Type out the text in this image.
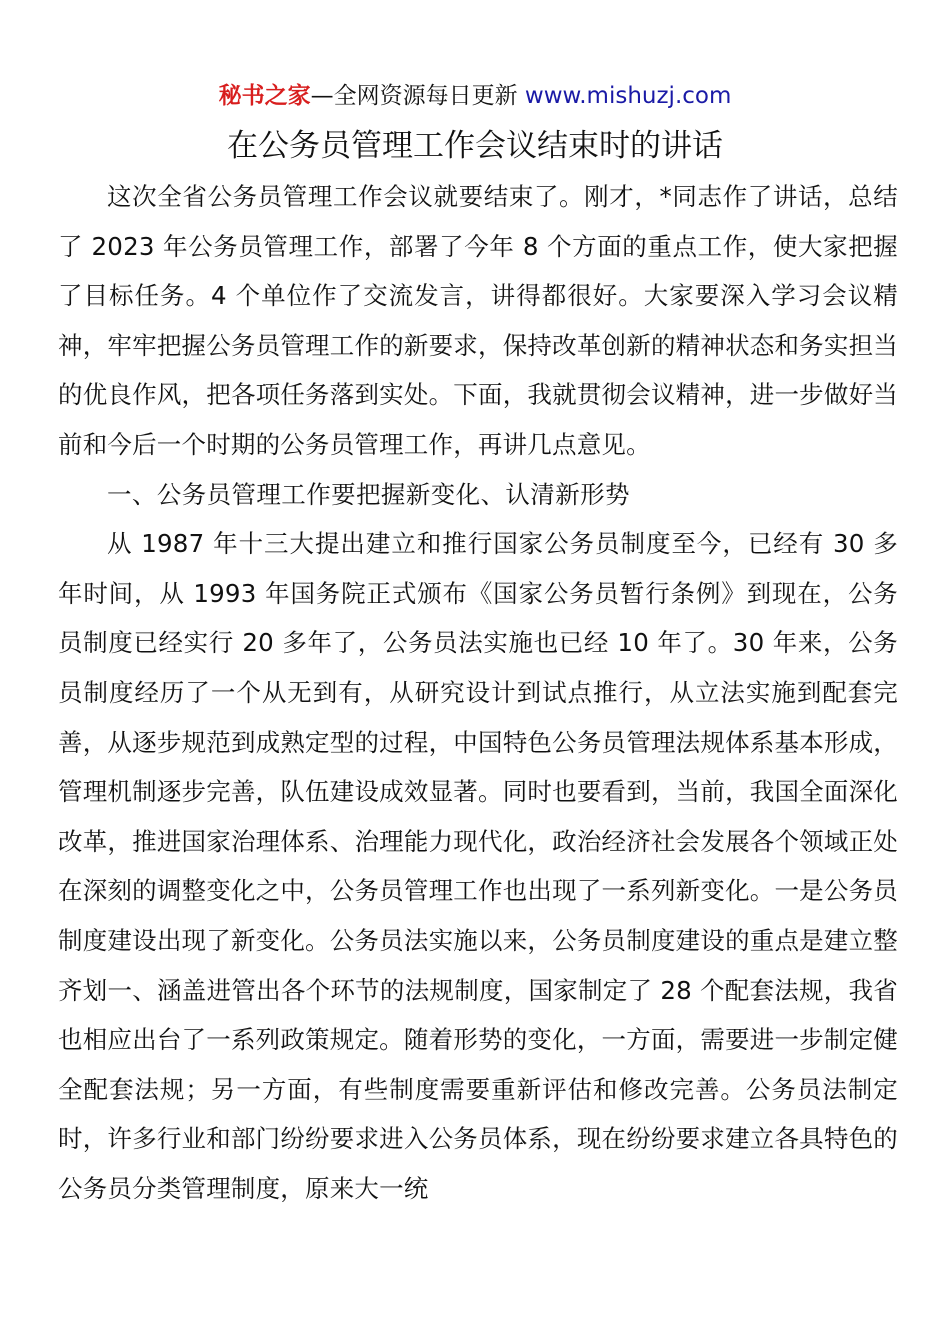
秘书之家—全网资源每日更新 www.mishuzj.com
在公务员管理工作会议结束时的讲话

这次全省公务员管理工作会议就要结束了。刚才，*同志作了讲话，总结了 2023 年公务员管理工作，部署了今年 8 个方面的重点工作，使大家把握了目标任务。4 个单位作了交流发言，讲得都很好。大家要深入学习会议精神，牢牢把握公务员管理工作的新要求，保持改革创新的精神状态和务实担当的优良作风，把各项任务落到实处。下面，我就贯彻会议精神，进一步做好当前和今后一个时期的公务员管理工作，再讲几点意见。

一、公务员管理工作要把握新变化、认清新形势

从 1987 年十三大提出建立和推行国家公务员制度至今，已经有 30 多年时间，从 1993 年国务院正式颁布《国家公务员暂行条例》到现在，公务员制度已经实行 20 多年了，公务员法实施也已经 10 年了。30 年来，公务员制度经历了一个从无到有，从研究设计到试点推行，从立法实施到配套完善，从逐步规范到成熟定型的过程，中国特色公务员管理法规体系基本形成，管理机制逐步完善，队伍建设成效显著。同时也要看到，当前，我国全面深化改革，推进国家治理体系、治理能力现代化，政治经济社会发展各个领域正处在深刻的调整变化之中，公务员管理工作也出现了一系列新变化。一是公务员制度建设出现了新变化。公务员法实施以来，公务员制度建设的重点是建立整齐划一、涵盖进管出各个环节的法规制度，国家制定了 28 个配套法规，我省也相应出台了一系列政策规定。随着形势的变化，一方面，需要进一步制定健全配套法规；另一方面，有些制度需要重新评估和修改完善。公务员法制定时，许多行业和部门纷纷要求进入公务员体系，现在纷纷要求建立各具特色的公务员分类管理制度，原来大一统
